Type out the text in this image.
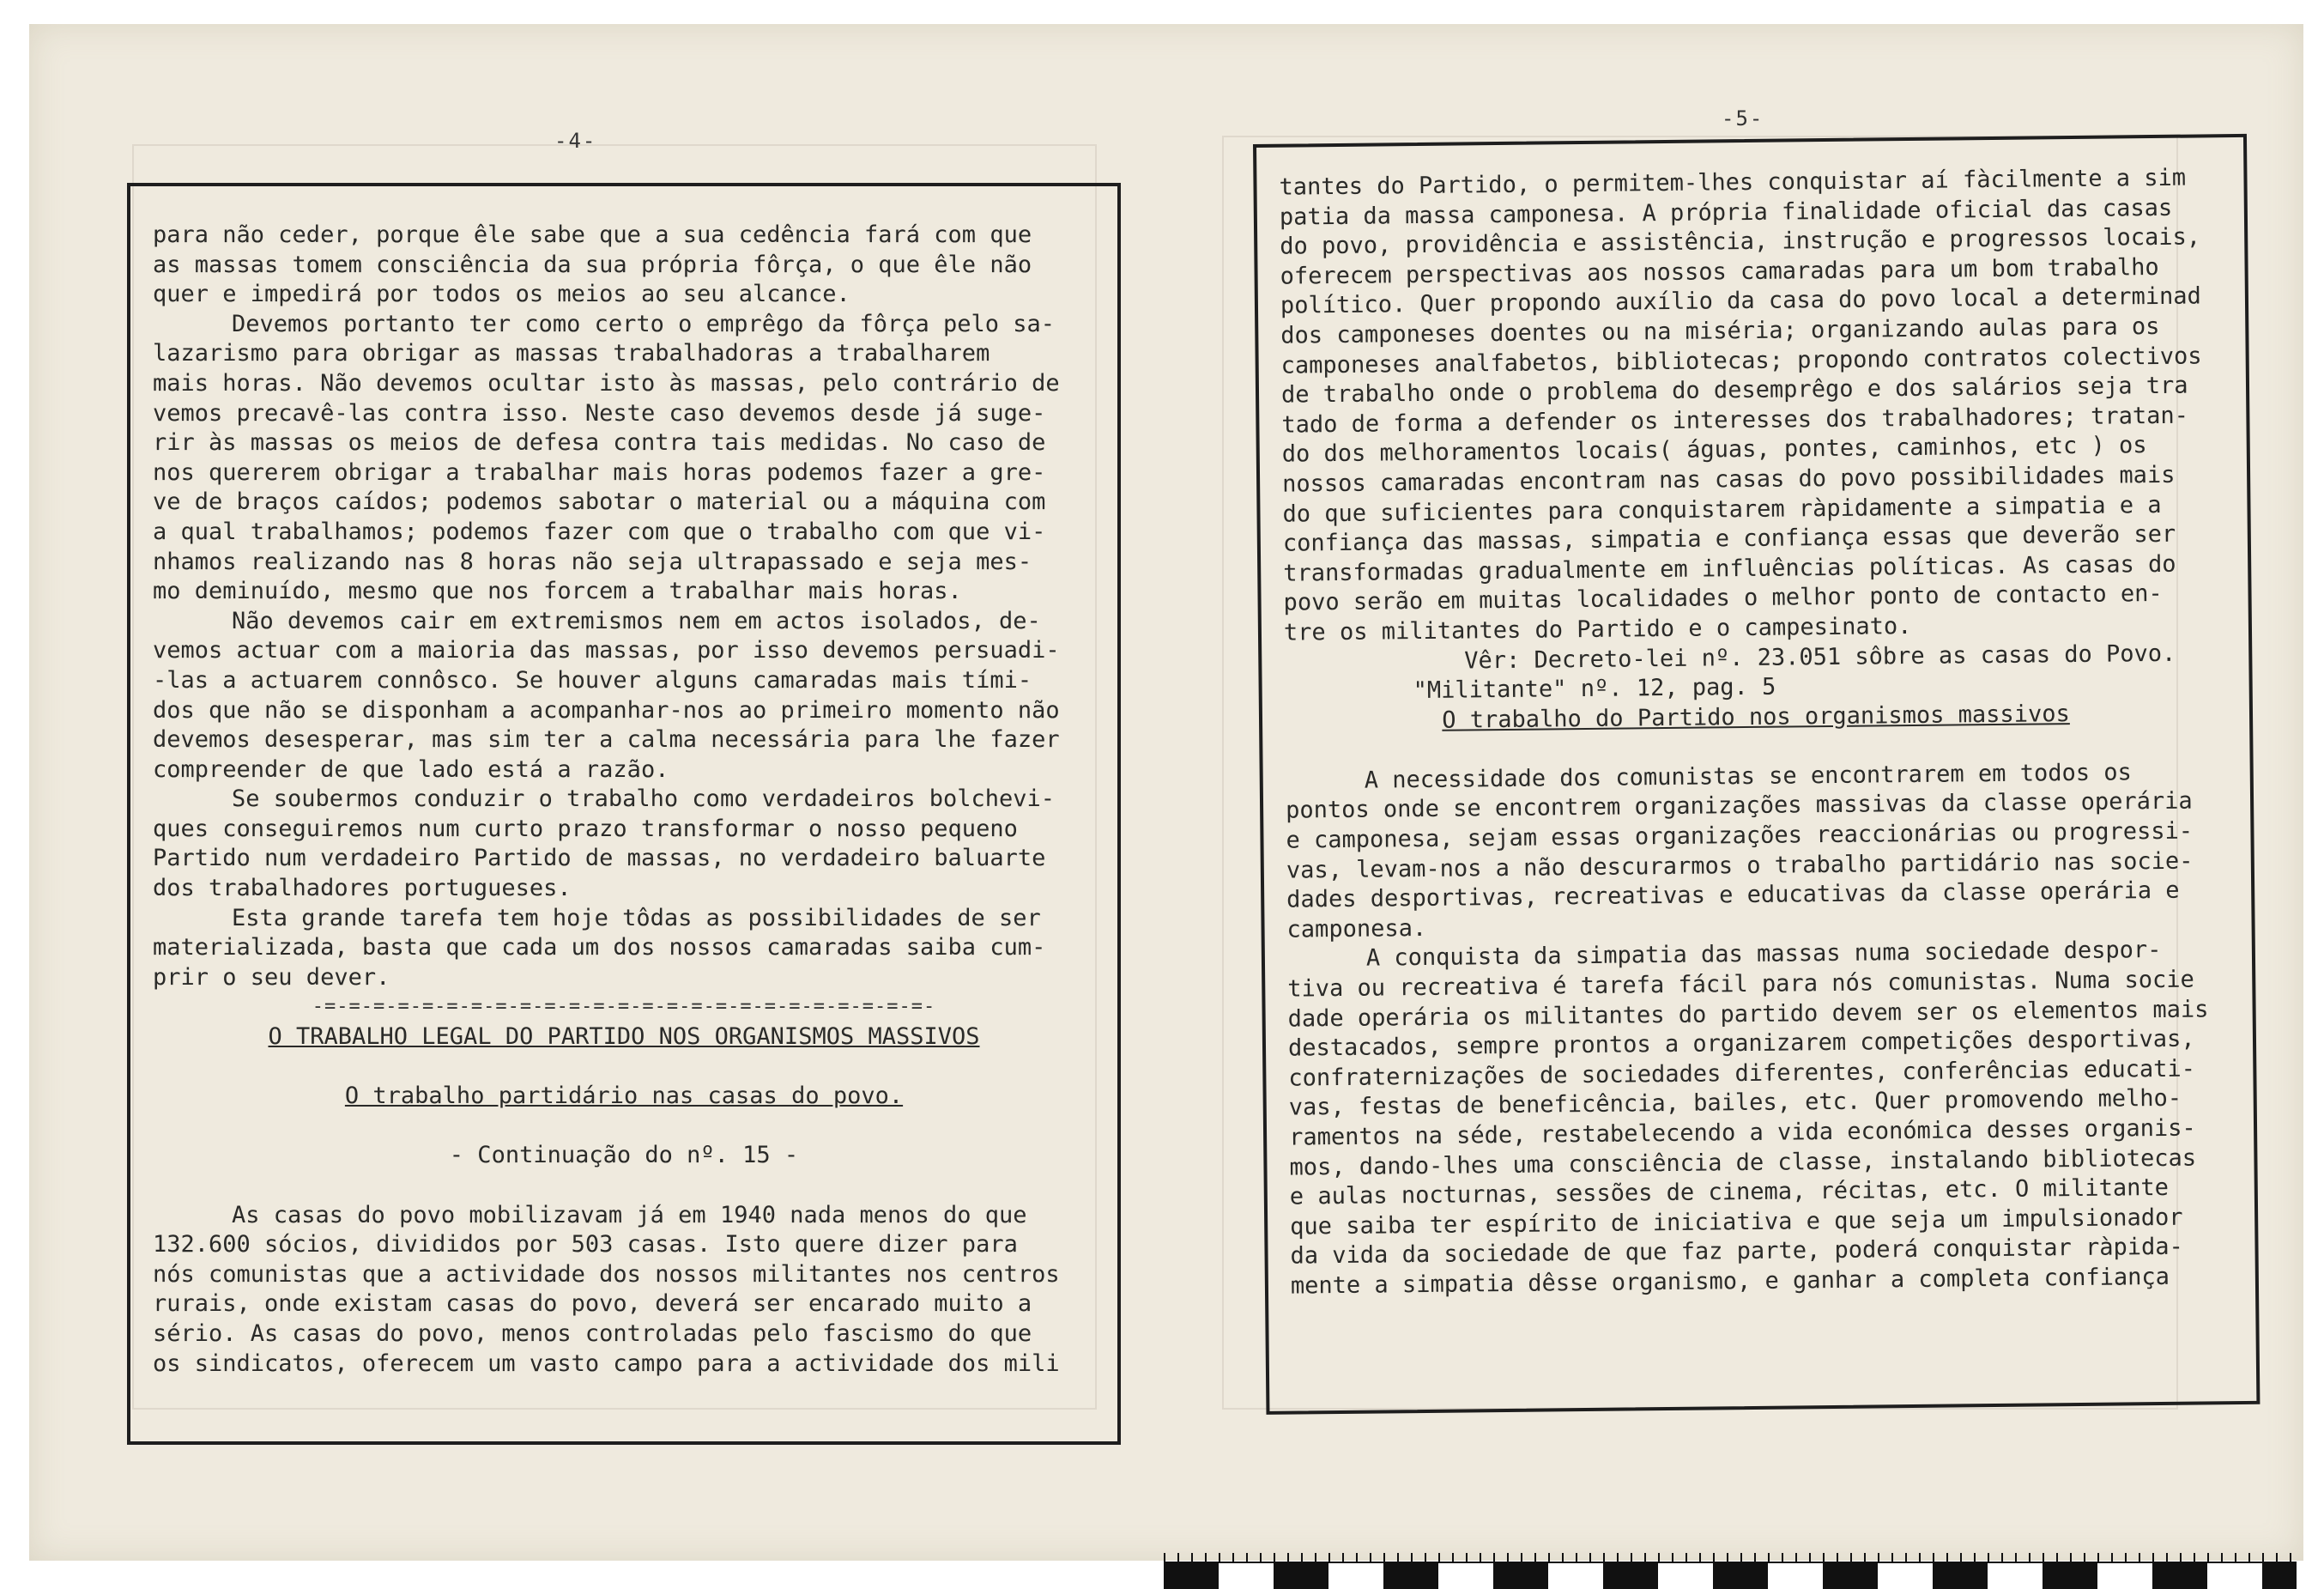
-4-
-5-

para não ceder, porque êle sabe que a sua cedência fará com que

as massas tomem consciência da sua própria fôrça, o que êle não

quer e impedirá por todos os meios ao seu alcance.

Devemos portanto ter como certo o emprêgo da fôrça pelo sa-

lazarismo para obrigar as massas trabalhadoras a trabalharem

mais horas. Não devemos ocultar isto às massas, pelo contrário de

vemos precavê-las contra isso. Neste caso devemos desde já suge-

rir às massas os meios de defesa contra tais medidas. No caso de

nos quererem obrigar a trabalhar mais horas podemos fazer a gre-

ve de braços caídos; podemos sabotar o material ou a máquina com

a qual trabalhamos; podemos fazer com que o trabalho com que vi-

nhamos realizando nas 8 horas não seja ultrapassado e seja mes-

mo deminuído, mesmo que nos forcem a trabalhar mais horas.

Não devemos cair em extremismos nem em actos isolados, de-

vemos actuar com a maioria das massas, por isso devemos persuadi-

-las a actuarem connôsco. Se houver alguns camaradas mais tími-

dos que não se disponham a acompanhar-nos ao primeiro momento não

devemos desesperar, mas sim ter a calma necessária para lhe fazer

compreender de que lado está a razão.

Se soubermos conduzir o trabalho como verdadeiros bolchevi-

ques conseguiremos num curto prazo transformar o nosso pequeno

Partido num verdadeiro Partido de massas, no verdadeiro baluarte

dos trabalhadores portugueses.

Esta grande tarefa tem hoje tôdas as possibilidades de ser

materializada, basta que cada um dos nossos camaradas saiba cum-

prir o seu dever.

-=-=-=-=-=-=-=-=-=-=-=-=-=-=-=-=-=-=-=-=-=-=-=-=-=-

O TRABALHO LEGAL DO PARTIDO NOS ORGANISMOS MASSIVOS

O trabalho partidário nas casas do povo.

- Continuação do nº. 15 -

As casas do povo mobilizavam já em 1940 nada menos do que

132.600 sócios, divididos por 503 casas. Isto quere dizer para

nós comunistas que a actividade dos nossos militantes nos centros

rurais, onde existam casas do povo, deverá ser encarado muito a

sério. As casas do povo, menos controladas pelo fascismo do que

os sindicatos, oferecem um vasto campo para a actividade dos mili

tantes do Partido, o permitem-lhes conquistar aí fàcilmente a sim

patia da massa camponesa. A própria finalidade oficial das casas

do povo, providência e assistência, instrução e progressos locais,

oferecem perspectivas aos nossos camaradas para um bom trabalho

político. Quer propondo auxílio da casa do povo local a determinad

dos camponeses doentes ou na miséria; organizando aulas para os

camponeses analfabetos, bibliotecas; propondo contratos colectivos

de trabalho onde o problema do desemprêgo e dos salários seja tra

tado de forma a defender os interesses dos trabalhadores; tratan-

do dos melhoramentos locais( águas, pontes, caminhos, etc ) os

nossos camaradas encontram nas casas do povo possibilidades mais

do que suficientes para conquistarem ràpidamente a simpatia e a

confiança das massas, simpatia e confiança essas que deverão ser

transformadas gradualmente em influências políticas. As casas do

povo serão em muitas localidades o melhor ponto de contacto en-

tre os militantes do Partido e o campesinato.

Vêr: Decreto-lei nº. 23.051 sôbre as casas do Povo.

"Militante" nº. 12, pag. 5

O trabalho do Partido nos organismos massivos

A necessidade dos comunistas se encontrarem em todos os

pontos onde se encontrem organizações massivas da classe operária

e camponesa, sejam essas organizações reaccionárias ou progressi-

vas, levam-nos a não descurarmos o trabalho partidário nas socie-

dades desportivas, recreativas e educativas da classe operária e

camponesa.

A conquista da simpatia das massas numa sociedade despor-

tiva ou recreativa é tarefa fácil para nós comunistas. Numa socie

dade operária os militantes do partido devem ser os elementos mais

destacados, sempre prontos a organizarem competições desportivas,

confraternizações de sociedades diferentes, conferências educati-

vas, festas de beneficência, bailes, etc. Quer promovendo melho-

ramentos na séde, restabelecendo a vida económica desses organis-

mos, dando-lhes uma consciência de classe, instalando bibliotecas

e aulas nocturnas, sessões de cinema, récitas, etc. O militante

que saiba ter espírito de iniciativa e que seja um impulsionador

da vida da sociedade de que faz parte, poderá conquistar ràpida-

mente a simpatia dêsse organismo, e ganhar a completa confiança
